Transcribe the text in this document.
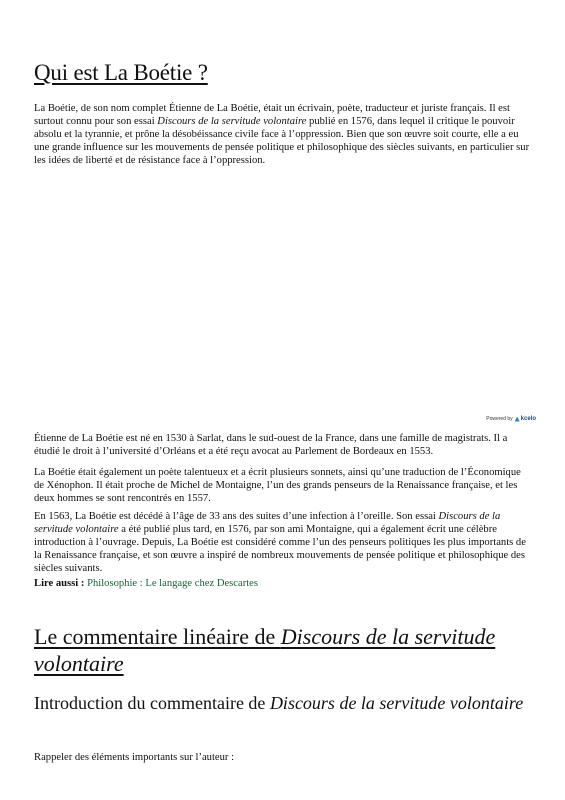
Qui est La Boétie ?

La Boétie, de son nom complet Étienne de La Boétie, était un écrivain, poète, traducteur et juriste français. Il est surtout connu pour son essai Discours de la servitude volontaire publié en 1576, dans lequel il critique le pouvoir absolu et la tyrannie, et prône la désobéissance civile face à l’oppression. Bien que son œuvre soit courte, elle a eu une grande influence sur les mouvements de pensée politique et philosophique des siècles suivants, en particulier sur les idées de liberté et de résistance face à l’oppression.

Powered by kcelo

Étienne de La Boétie est né en 1530 à Sarlat, dans le sud-ouest de la France, dans une famille de magistrats. Il a étudié le droit à l’université d’Orléans et a été reçu avocat au Parlement de Bordeaux en 1553.

La Boétie était également un poète talentueux et a écrit plusieurs sonnets, ainsi qu’une traduction de l’Économique de Xénophon. Il était proche de Michel de Montaigne, l’un des grands penseurs de la Renaissance française, et les deux hommes se sont rencontrés en 1557.

En 1563, La Boétie est décédé à l’âge de 33 ans des suites d’une infection à l’oreille. Son essai Discours de la servitude volontaire a été publié plus tard, en 1576, par son ami Montaigne, qui a également écrit une célèbre introduction à l’ouvrage. Depuis, La Boétie est considéré comme l’un des penseurs politiques les plus importants de la Renaissance française, et son œuvre a inspiré de nombreux mouvements de pensée politique et philosophique des siècles suivants.

Lire aussi : Philosophie : Le langage chez Descartes
Le commentaire linéaire de Discours de la servitude volontaire
Introduction du commentaire de Discours de la servitude volontaire

Rappeler des éléments importants sur l’auteur :
